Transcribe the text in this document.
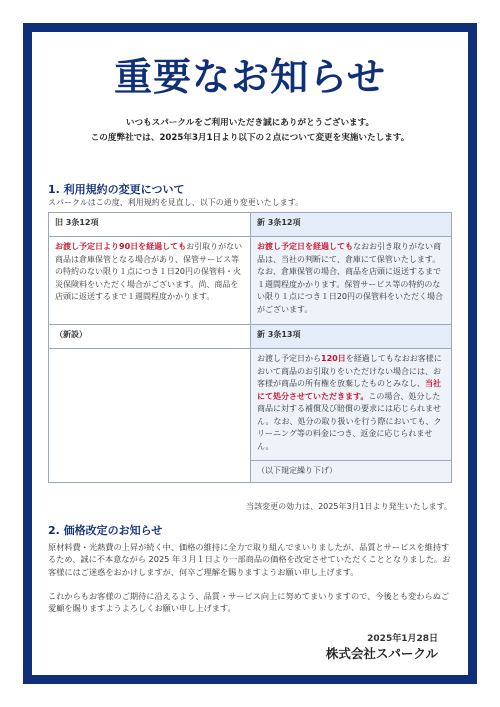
重要なお知らせ
いつもスパークルをご利用いただき誠にありがとうございます。
この度弊社では、2025年3月1日より以下の２点について変更を実施いたします。
1. 利用規約の変更について
スパークルはこの度、利用規約を見直し、以下の通り変更いたします。
旧 3条12項	新 3条12項
お渡し予定日より90日を経過してもお引取りがない商品は倉庫保管となる場合があり、保管サービス等の特約のない限り１点につき１日20円の保管料・火災保険料をいただく場合がございます。尚、商品を店頭に返送するまで１週間程度かかります。	お渡し予定日を経過してもなおお引き取りがない商品は、当社の判断にて、倉庫にて保管いたします。なお、倉庫保管の場合、商品を店頭に返送するまで１週間程度かかります。保管サービス等の特約のない限り１点につき１日20円の保管料をいただく場合がございます。
（新設）	新 3条13項
	お渡し予定日から120日を経過してもなおお客様において商品のお引取りをいただけない場合には、お客様が商品の所有権を放棄したものとみなし、当社にて処分させていただきます。この場合、処分した商品に対する補償及び賠償の要求には応じられません。なお、処分の取り扱いを行う際においても、クリーニング等の料金につき、返金に応じられません。
	（以下規定繰り下げ）
当該変更の効力は、2025年3月1日より発生いたします。
2. 価格改定のお知らせ
原材料費・光熱費の上昇が続く中、価格の維持に全力で取り組んでまいりましたが、品質とサービスを維持するため、誠に不本意ながら 2025 年３月１日より一部商品の価格を改定させていただくこととなりました。お客様にはご迷惑をおかけしますが、何卒ご理解を賜りますようお願い申し上げます。
これからもお客様のご期待に沿えるよう、品質・サービス向上に努めてまいりますので、今後とも変わらぬご愛顧を賜りますようよろしくお願い申し上げます。
2025年1月28日
株式会社スパークル
